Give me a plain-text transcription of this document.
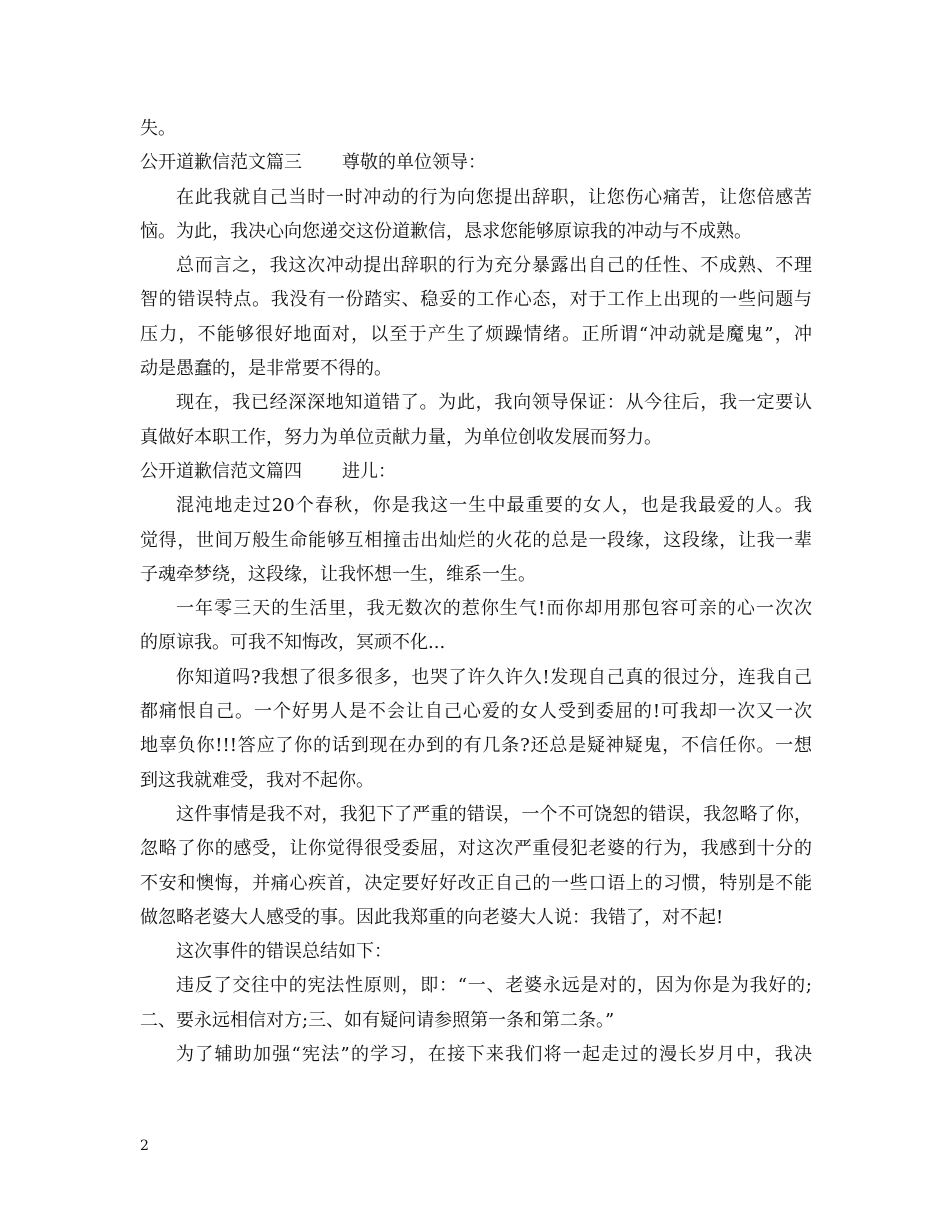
失。
公开道歉信范文篇三 尊敬的单位领导：
在此我就自己当时一时冲动的行为向您提出辞职，让您伤心痛苦，让您倍感苦
恼。为此，我决心向您递交这份道歉信，恳求您能够原谅我的冲动与不成熟。
总而言之，我这次冲动提出辞职的行为充分暴露出自己的任性、不成熟、不理
智的错误特点。我没有一份踏实、稳妥的工作心态，对于工作上出现的一些问题与
压力，不能够很好地面对，以至于产生了烦躁情绪。正所谓“冲动就是魔鬼”，冲
动是愚蠢的，是非常要不得的。
现在，我已经深深地知道错了。为此，我向领导保证：从今往后，我一定要认
真做好本职工作，努力为单位贡献力量，为单位创收发展而努力。
公开道歉信范文篇四 进儿：
混沌地走过20个春秋，你是我这一生中最重要的女人，也是我最爱的人。我
觉得，世间万般生命能够互相撞击出灿烂的火花的总是一段缘，这段缘，让我一辈
子魂牵梦绕，这段缘，让我怀想一生，维系一生。
一年零三天的生活里，我无数次的惹你生气!而你却用那包容可亲的心一次次
的原谅我。可我不知悔改，冥顽不化...
你知道吗?我想了很多很多，也哭了许久许久!发现自己真的很过分，连我自己
都痛恨自己。一个好男人是不会让自己心爱的女人受到委屈的!可我却一次又一次
地辜负你!!!答应了你的话到现在办到的有几条?还总是疑神疑鬼，不信任你。一想
到这我就难受，我对不起你。
这件事情是我不对，我犯下了严重的错误，一个不可饶恕的错误，我忽略了你，
忽略了你的感受，让你觉得很受委屈，对这次严重侵犯老婆的行为，我感到十分的
不安和懊悔，并痛心疾首，决定要好好改正自己的一些口语上的习惯，特别是不能
做忽略老婆大人感受的事。因此我郑重的向老婆大人说：我错了，对不起!
这次事件的错误总结如下：
违反了交往中的宪法性原则，即：“一、老婆永远是对的，因为你是为我好的;
二、要永远相信对方;三、如有疑问请参照第一条和第二条。”
为了辅助加强“宪法”的学习，在接下来我们将一起走过的漫长岁月中，我决
2
